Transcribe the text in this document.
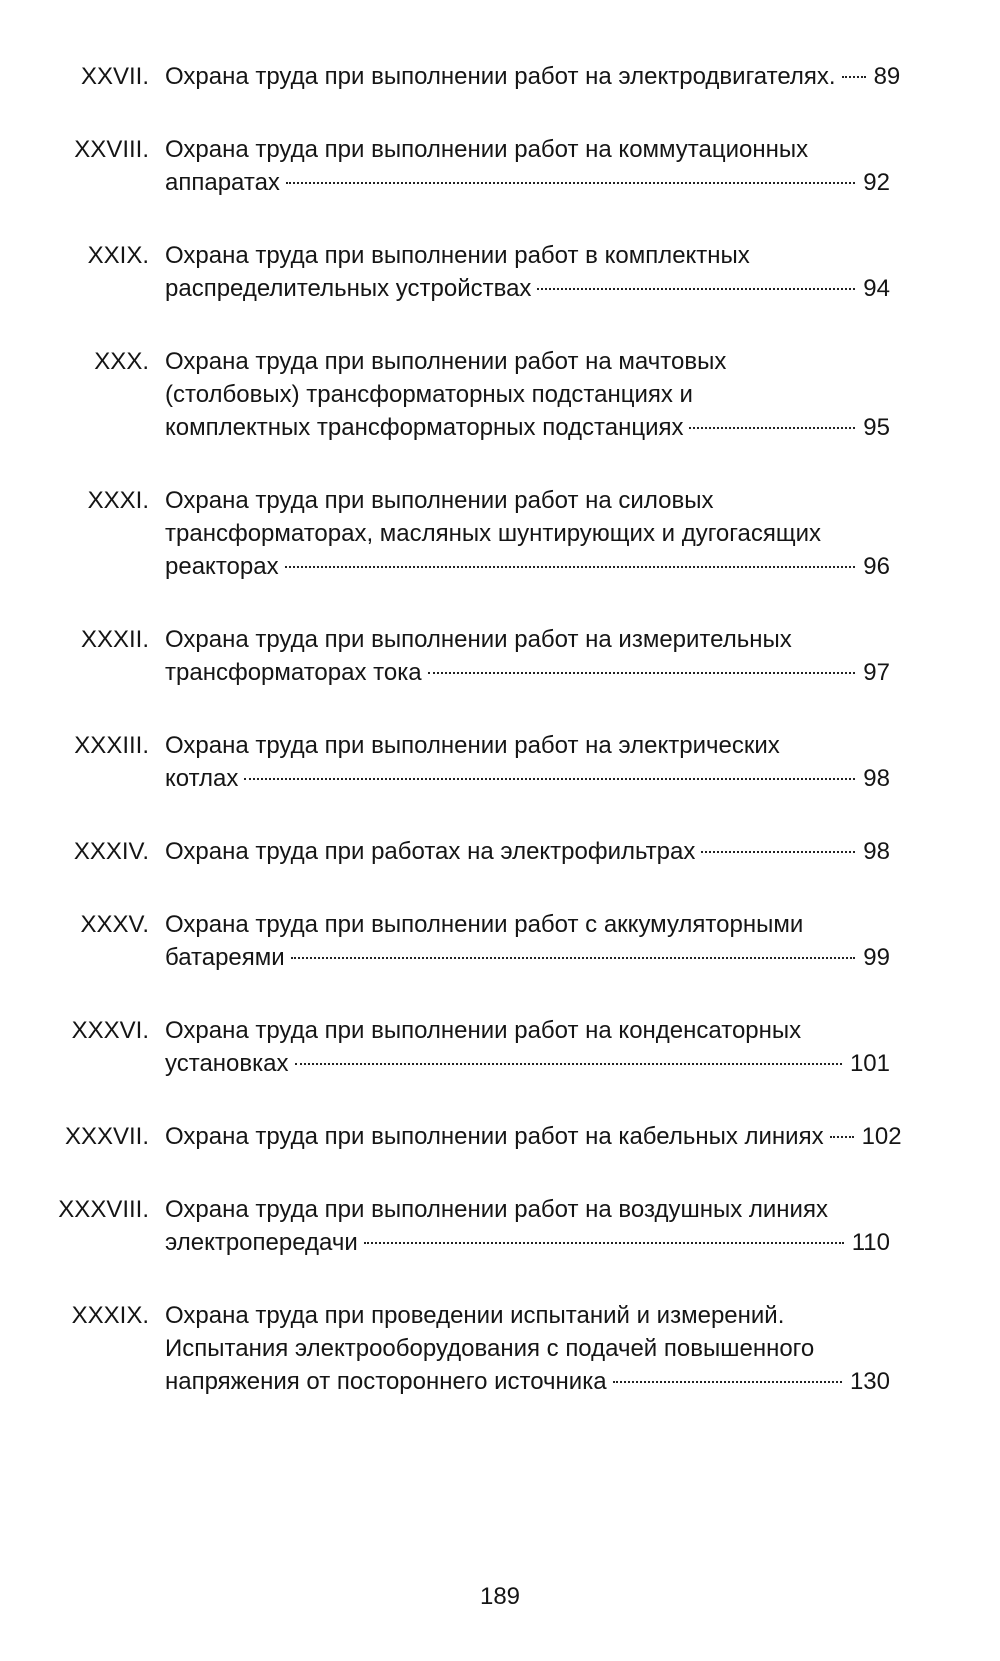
XXVII. Охрана труда при выполнении работ на электродвигателях. 89
XXVIII. Охрана труда при выполнении работ на коммутационных
аппаратах	92
XXIX. Охрана труда при выполнении работ в комплектных
распределительных устройствах	94
XXX. Охрана труда при выполнении работ на мачтовых
(столбовых) трансформаторных подстанциях и
комплектных трансформаторных подстанциях	95
XXXI. Охрана труда при выполнении работ на силовых
трансформаторах, масляных шунтирующих и дугогасящих
реакторах	96
XXXII. Охрана труда при выполнении работ на измерительных
трансформаторах тока	97
XXXIII. Охрана труда при выполнении работ на электрических
котлах	98
XXXIV. Охрана труда при работах на электрофильтрах	98
XXXV. Охрана труда при выполнении работ с аккумуляторными
батареями	99
XXXVI. Охрана труда при выполнении работ на конденсаторных
установках	101
XXXVII. Охрана труда при выполнении работ на кабельных линиях 102
XXXVIII. Охрана труда при выполнении работ на воздушных линиях
электропередачи	110
XXXIX. Охрана труда при проведении испытаний и измерений.
Испытания электрооборудования с подачей повышенного
напряжения от постороннего источника	130
189
